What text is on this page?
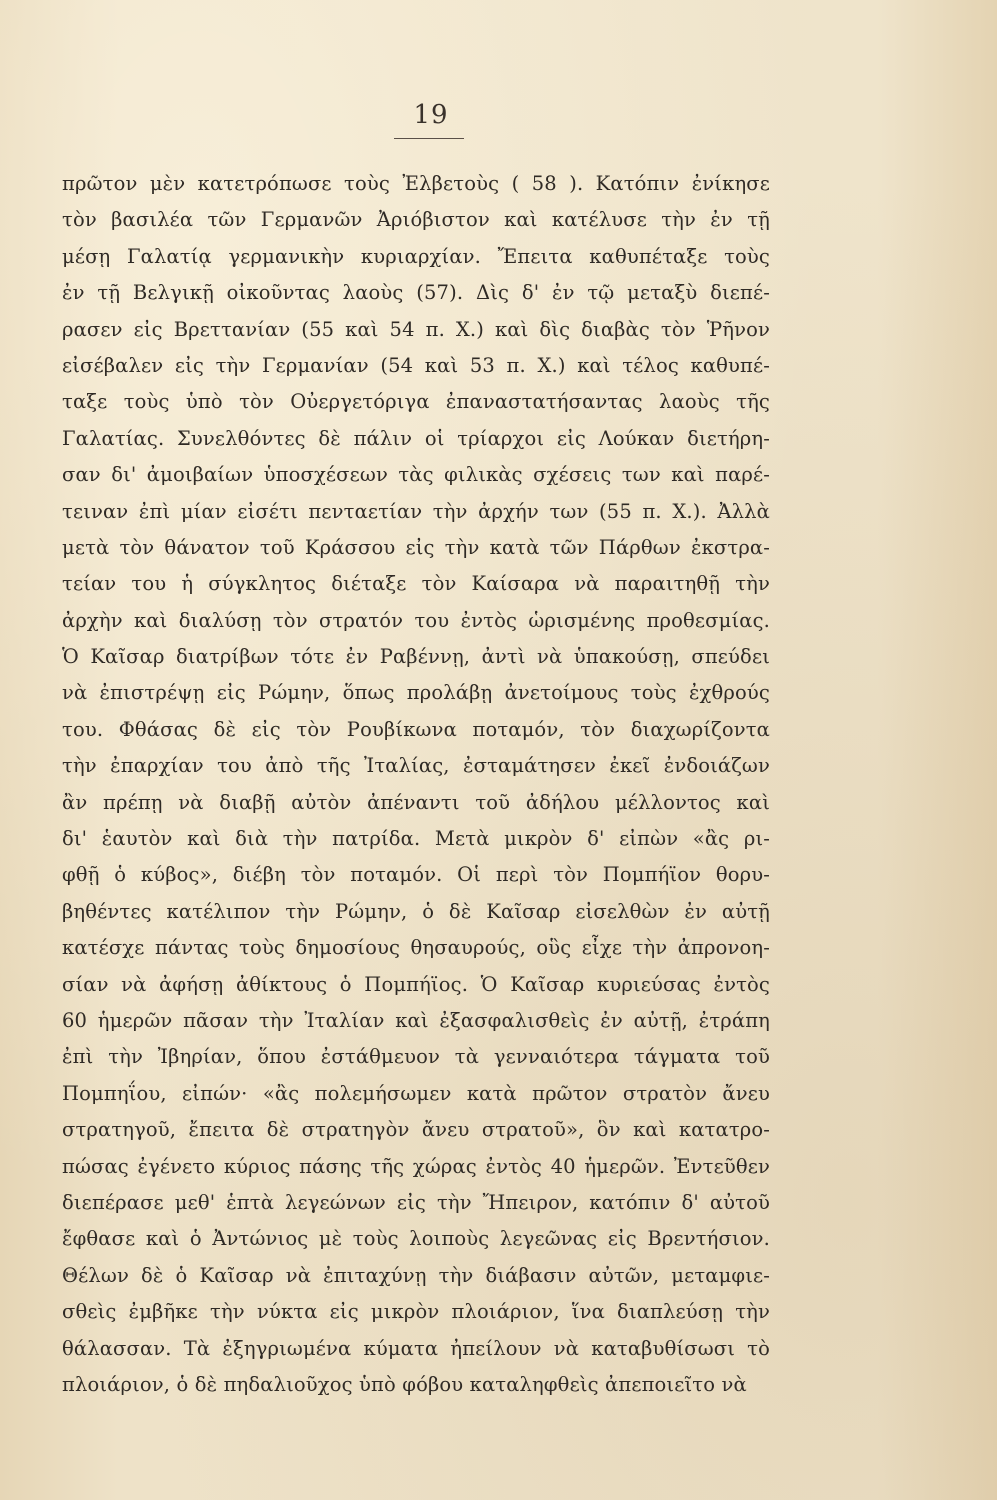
19
πρῶτον μὲν κατετρόπωσε τοὺς Ἐλβετοὺς ( 58 ). Κατόπιν ἐνίκησε
τὸν βασιλέα τῶν Γερμανῶν Ἀριόβιστον καὶ κατέλυσε τὴν ἐν τῇ
μέσῃ Γαλατίᾳ γερμανικὴν κυριαρχίαν. Ἔπειτα καθυπέταξε τοὺς
ἐν τῇ Βελγικῇ οἰκοῦντας λαοὺς (57). Δὶς δ' ἐν τῷ μεταξὺ διεπέ-
ρασεν εἰς Βρεττανίαν (55 καὶ 54 π. Χ.) καὶ δὶς διαβὰς τὸν Ῥῆνον
εἰσέβαλεν εἰς τὴν Γερμανίαν (54 καὶ 53 π. Χ.) καὶ τέλος καθυπέ-
ταξε τοὺς ὑπὸ τὸν Οὐεργετόριγα ἐπαναστατήσαντας λαοὺς τῆς
Γαλατίας. Συνελθόντες δὲ πάλιν οἱ τρίαρχοι εἰς Λούκαν διετήρη-
σαν δι' ἀμοιβαίων ὑποσχέσεων τὰς φιλικὰς σχέσεις των καὶ παρέ-
τειναν ἐπὶ μίαν εἰσέτι πενταετίαν τὴν ἀρχήν των (55 π. Χ.). Ἀλλὰ
μετὰ τὸν θάνατον τοῦ Κράσσου εἰς τὴν κατὰ τῶν Πάρθων ἐκστρα-
τείαν του ἡ σύγκλητος διέταξε τὸν Καίσαρα νὰ παραιτηθῇ τὴν
ἀρχὴν καὶ διαλύσῃ τὸν στρατόν του ἐντὸς ὡρισμένης προθεσμίας.
Ὁ Καῖσαρ διατρίβων τότε ἐν Ραβέννῃ, ἀντὶ νὰ ὑπακούσῃ, σπεύδει
νὰ ἐπιστρέψῃ εἰς Ρώμην, ὅπως προλάβῃ ἀνετοίμους τοὺς ἐχθρούς
του. Φθάσας δὲ εἰς τὸν Ρουβίκωνα ποταμόν, τὸν διαχωρίζοντα
τὴν ἐπαρχίαν του ἀπὸ τῆς Ἰταλίας, ἐσταμάτησεν ἐκεῖ ἐνδοιάζων
ἂν πρέπῃ νὰ διαβῇ αὐτὸν ἀπέναντι τοῦ ἀδήλου μέλλοντος καὶ
δι' ἑαυτὸν καὶ διὰ τὴν πατρίδα. Μετὰ μικρὸν δ' εἰπὼν «ἂς ρι-
φθῇ ὁ κύβος», διέβη τὸν ποταμόν. Οἱ περὶ τὸν Πομπήϊον θορυ-
βηθέντες κατέλιπον τὴν Ρώμην, ὁ δὲ Καῖσαρ εἰσελθὼν ἐν αὐτῇ
κατέσχε πάντας τοὺς δημοσίους θησαυρούς, οὓς εἶχε τὴν ἀπρονοη-
σίαν νὰ ἀφήσῃ ἀθίκτους ὁ Πομπήϊος. Ὁ Καῖσαρ κυριεύσας ἐντὸς
60 ἡμερῶν πᾶσαν τὴν Ἰταλίαν καὶ ἐξασφαλισθεὶς ἐν αὐτῇ, ἐτράπη
ἐπὶ τὴν Ἰβηρίαν, ὅπου ἐστάθμευον τὰ γενναιότερα τάγματα τοῦ
Πομπηΐου, εἰπών· «ἂς πολεμήσωμεν κατὰ πρῶτον στρατὸν ἄνευ
στρατηγοῦ, ἔπειτα δὲ στρατηγὸν ἄνευ στρατοῦ», ὃν καὶ κατατρο-
πώσας ἐγένετο κύριος πάσης τῆς χώρας ἐντὸς 40 ἡμερῶν. Ἐντεῦθεν
διεπέρασε μεθ' ἑπτὰ λεγεώνων εἰς τὴν Ἤπειρον, κατόπιν δ' αὐτοῦ
ἔφθασε καὶ ὁ Ἀντώνιος μὲ τοὺς λοιποὺς λεγεῶνας εἰς Βρεντήσιον.
Θέλων δὲ ὁ Καῖσαρ νὰ ἐπιταχύνῃ τὴν διάβασιν αὐτῶν, μεταμφιε-
σθεὶς ἐμβῆκε τὴν νύκτα εἰς μικρὸν πλοιάριον, ἵνα διαπλεύσῃ τὴν
θάλασσαν. Τὰ ἐξηγριωμένα κύματα ἠπείλουν νὰ καταβυθίσωσι τὸ
πλοιάριον, ὁ δὲ πηδαλιοῦχος ὑπὸ φόβου καταληφθεὶς ἀπεποιεῖτο νὰ
